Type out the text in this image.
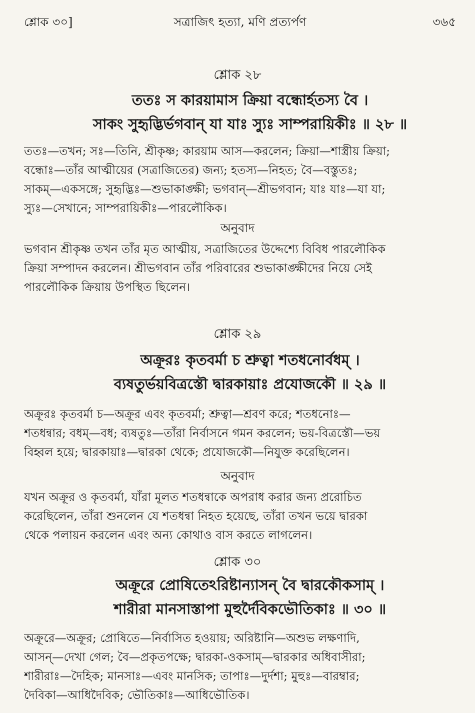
সত্রাজিৎ হত্যা, মণি প্রত্যর্পণ
শ্লোক ৩০]	৩৬৫
শ্লোক ২৮
ততঃ স কারয়ামাস ক্রিয়া বন্ধোর্হতস্য বৈ ।
সাকং সুহৃদ্ভির্ভগবান্ যা যাঃ স্যুঃ সাম্পরায়িকীঃ ॥ ২৮ ॥

ততঃ—তখন; সঃ—তিনি, শ্রীকৃষ্ণ; কারয়াম আস—করলেন; ক্রিয়া—শাস্ত্রীয় ক্রিয়া;

বন্ধোঃ—তাঁর আত্মীয়ের (সত্রাজিতের) জন্য; হতস্য—নিহত; বৈ—বস্তুতঃ;

সাকম্—একসঙ্গে; সুহৃদ্ভিঃ—শুভাকাঙ্ক্ষী; ভগবান্—শ্রীভগবান; যাঃ যাঃ—যা যা;

স্যুঃ—সেখানে; সাম্পরায়িকীঃ—পারলৌকিক।

অনুবাদ

ভগবান শ্রীকৃষ্ণ তখন তাঁর মৃত আত্মীয়, সত্রাজিতের উদ্দেশ্যে বিবিধ পারলৌকিক

ক্রিয়া সম্পাদন করলেন। শ্রীভগবান তাঁর পরিবারের শুভাকাঙ্ক্ষীদের নিয়ে সেই

পারলৌকিক ক্রিয়ায় উপস্থিত ছিলেন।

শ্লোক ২৯
অক্রূরঃ কৃতবর্মা চ শ্রুত্বা শতধনোর্বধম্ ।
ব্যষতুর্ভয়বিত্রস্তৌ দ্বারকায়াঃ প্রযোজকৌ ॥ ২৯ ॥

অক্রূরঃ কৃতবর্মা চ—অক্রূর এবং কৃতবর্মা; শ্রুত্বা—শ্রবণ করে; শতধনোঃ—

শতধন্বার; বধম্—বধ; ব্যষতুঃ—তাঁরা নির্বাসনে গমন করলেন; ভয়-বিত্রস্তৌ—ভয়

বিহ্বল হয়ে; দ্বারকায়াঃ—দ্বারকা থেকে; প্রযোজকৌ—নিযুক্ত করেছিলেন।

অনুবাদ

যখন অক্রূর ও কৃতবর্মা, যাঁরা মূলত শতধন্বাকে অপরাধ করার জন্য প্ররোচিত

করেছিলেন, তাঁরা শুনলেন যে শতধন্বা নিহত হয়েছে, তাঁরা তখন ভয়ে দ্বারকা

থেকে পলায়ন করলেন এবং অন্য কোথাও বাস করতে লাগলেন।

শ্লোক ৩০
অক্রূরে প্রোষিতেঽরিষ্টান্যাসন্ বৈ দ্বারকৌকসাম্ ।
শারীরা মানসাস্তাপা মুহুর্দৈবিকভৌতিকাঃ ॥ ৩০ ॥

অক্রূরে—অক্রূর; প্রোষিতে—নির্বাসিত হওয়ায়; অরিষ্টানি—অশুভ লক্ষণাদি,

আসন্—দেখা গেল; বৈ—প্রকৃতপক্ষে; দ্বারকা-ওকসাম্—দ্বারকার অধিবাসীরা;

শারীরাঃ—দৈহিক; মানসাঃ—এবং মানসিক; তাপাঃ—দুর্দশা; মুহুঃ—বারম্বার;

দৈবিকা—আধিদৈবিক; ভৌতিকাঃ—আধিভৌতিক।
